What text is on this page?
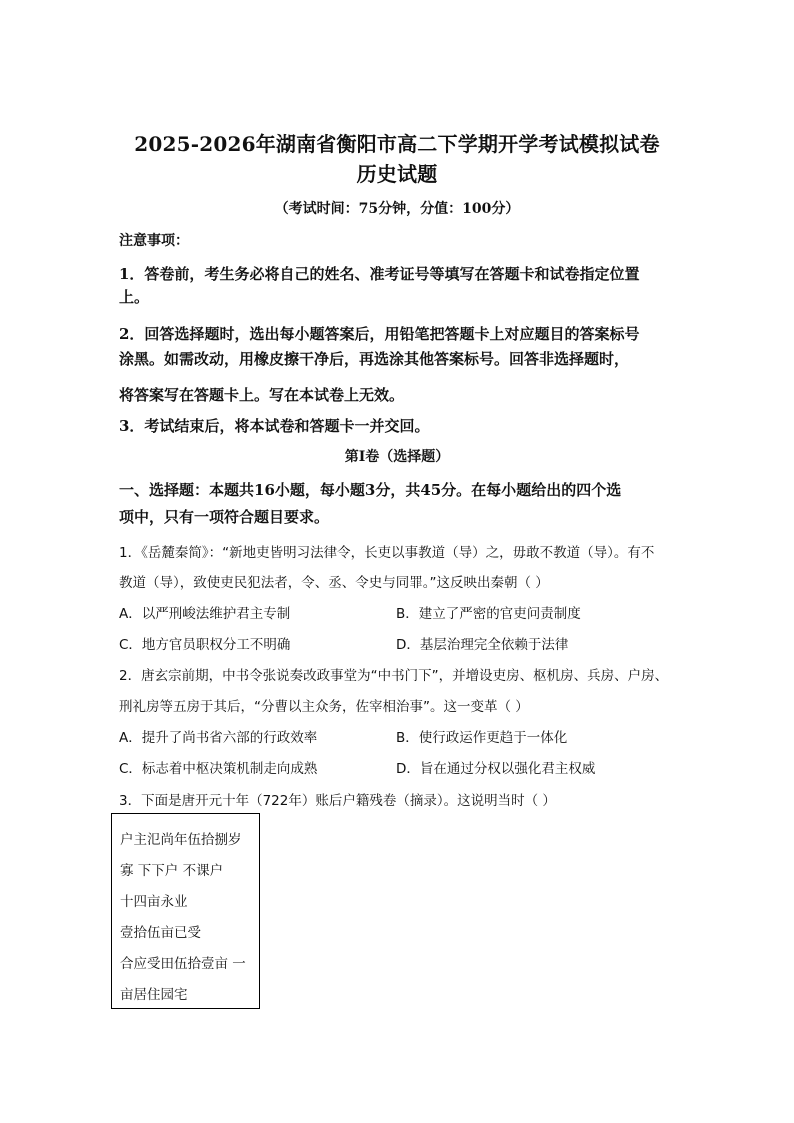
2025-2026年湖南省衡阳市高二下学期开学考试模拟试卷
历史试题
（考试时间：75分钟，分值：100分）
注意事项：
1．答卷前，考生务必将自己的姓名、准考证号等填写在答题卡和试卷指定位置
上。
2．回答选择题时，选出每小题答案后，用铅笔把答题卡上对应题目的答案标号
涂黑。如需改动，用橡皮擦干净后，再选涂其他答案标号。回答非选择题时，
将答案写在答题卡上。写在本试卷上无效。
3．考试结束后，将本试卷和答题卡一并交回。
第Ⅰ卷（选择题）
一、选择题：本题共16小题，每小题3分，共45分。在每小题给出的四个选
项中，只有一项符合题目要求。
1．《岳麓秦简》：“新地吏皆明习法律令，长吏以事教道（导）之，毋敢不教道（导）。有不
教道（导），致使吏民犯法者，令、丞、令史与同罪。”这反映出秦朝（ ）
A．以严刑峻法维护君主专制	B．建立了严密的官吏问责制度
C．地方官员职权分工不明确	D．基层治理完全依赖于法律
2．唐玄宗前期，中书令张说奏改政事堂为“中书门下”，并增设吏房、枢机房、兵房、户房、
刑礼房等五房于其后，“分曹以主众务，佐宰相治事”。这一变革（ ）
A．提升了尚书省六部的行政效率	B．使行政运作更趋于一体化
C．标志着中枢决策机制走向成熟	D．旨在通过分权以强化君主权威
3．下面是唐开元十年（722年）账后户籍残卷（摘录）。这说明当时（ ）
户主氾尚年伍拾捌岁
寡 下下户 不课户
十四亩永业
壹拾伍亩已受
合应受田伍拾壹亩 一
亩居住园宅
